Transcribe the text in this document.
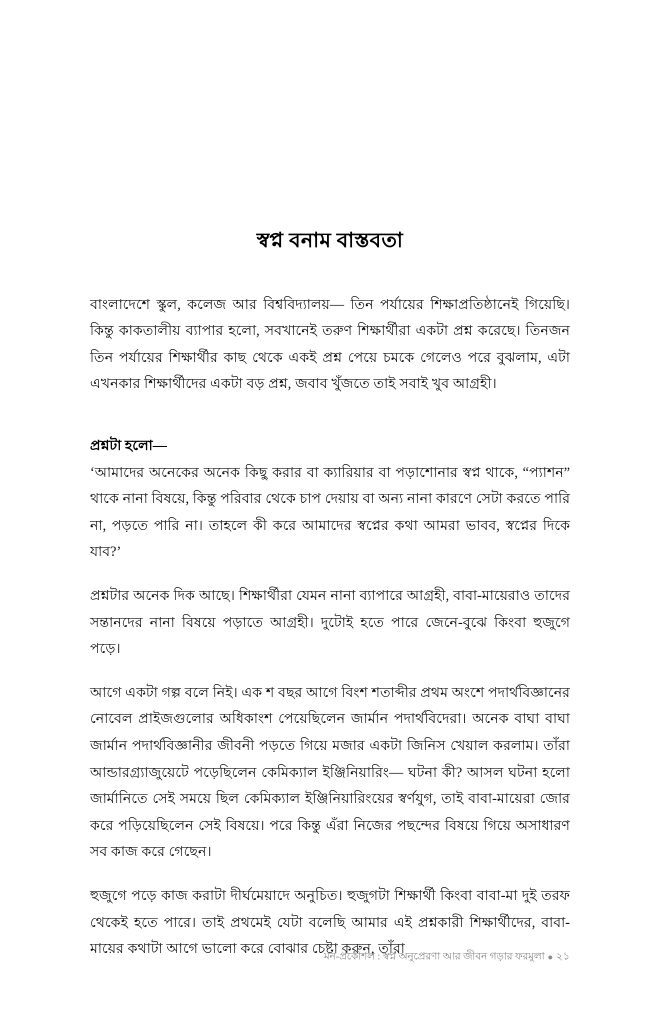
স্বপ্ন বনাম বাস্তবতা

বাংলাদেশে স্কুল, কলেজ আর বিশ্ববিদ্যালয়— তিন পর্যায়ের শিক্ষাপ্রতিষ্ঠানেই গিয়েছি। কিন্তু কাকতালীয় ব্যাপার হলো, সবখানেই তরুণ শিক্ষার্থীরা একটা প্রশ্ন করেছে। তিনজন তিন পর্যায়ের শিক্ষার্থীর কাছ থেকে একই প্রশ্ন পেয়ে চমকে গেলেও পরে বুঝলাম, এটা এখনকার শিক্ষার্থীদের একটা বড় প্রশ্ন, জবাব খুঁজতে তাই সবাই খুব আগ্রহী।

প্রশ্নটা হলো—

‘আমাদের অনেকের অনেক কিছু করার বা ক্যারিয়ার বা পড়াশোনার স্বপ্ন থাকে, “প্যাশন” থাকে নানা বিষয়ে, কিন্তু পরিবার থেকে চাপ দেয়ায় বা অন্য নানা কারণে সেটা করতে পারি না, পড়তে পারি না। তাহলে কী করে আমাদের স্বপ্নের কথা আমরা ভাবব, স্বপ্নের দিকে যাব?’

প্রশ্নটার অনেক দিক আছে। শিক্ষার্থীরা যেমন নানা ব্যাপারে আগ্রহী, বাবা-মায়েরাও তাদের সন্তানদের নানা বিষয়ে পড়াতে আগ্রহী। দুটোই হতে পারে জেনে-বুঝে কিংবা হুজুগে পড়ে।

আগে একটা গল্প বলে নিই। এক শ বছর আগে বিংশ শতাব্দীর প্রথম অংশে পদার্থবিজ্ঞানের নোবেল প্রাইজগুলোর অধিকাংশ পেয়েছিলেন জার্মান পদার্থবিদেরা। অনেক বাঘা বাঘা জার্মান পদার্থবিজ্ঞানীর জীবনী পড়তে গিয়ে মজার একটা জিনিস খেয়াল করলাম। তাঁরা আন্ডারগ্র্যাজুয়েটে পড়েছিলেন কেমিক্যাল ইঞ্জিনিয়ারিং— ঘটনা কী? আসল ঘটনা হলো জার্মানিতে সেই সময়ে ছিল কেমিক্যাল ইঞ্জিনিয়ারিংয়ের স্বর্ণযুগ, তাই বাবা-মায়েরা জোর করে পড়িয়েছিলেন সেই বিষয়ে। পরে কিন্তু এঁরা নিজের পছন্দের বিষয়ে গিয়ে অসাধারণ সব কাজ করে গেছেন।

হুজুগে পড়ে কাজ করাটা দীর্ঘমেয়াদে অনুচিত। হুজুগটা শিক্ষার্থী কিংবা বাবা-মা দুই তরফ থেকেই হতে পারে। তাই প্রথমেই যেটা বলেছি আমার এই প্রশ্নকারী শিক্ষার্থীদের, বাবা-মায়ের কথাটা আগে ভালো করে বোঝার চেষ্টা করুন, তাঁরা

মন-প্রকৌশল : স্বপ্ন অনুপ্রেরণা আর জীবন গড়ার ফরমুলা ● ২১
